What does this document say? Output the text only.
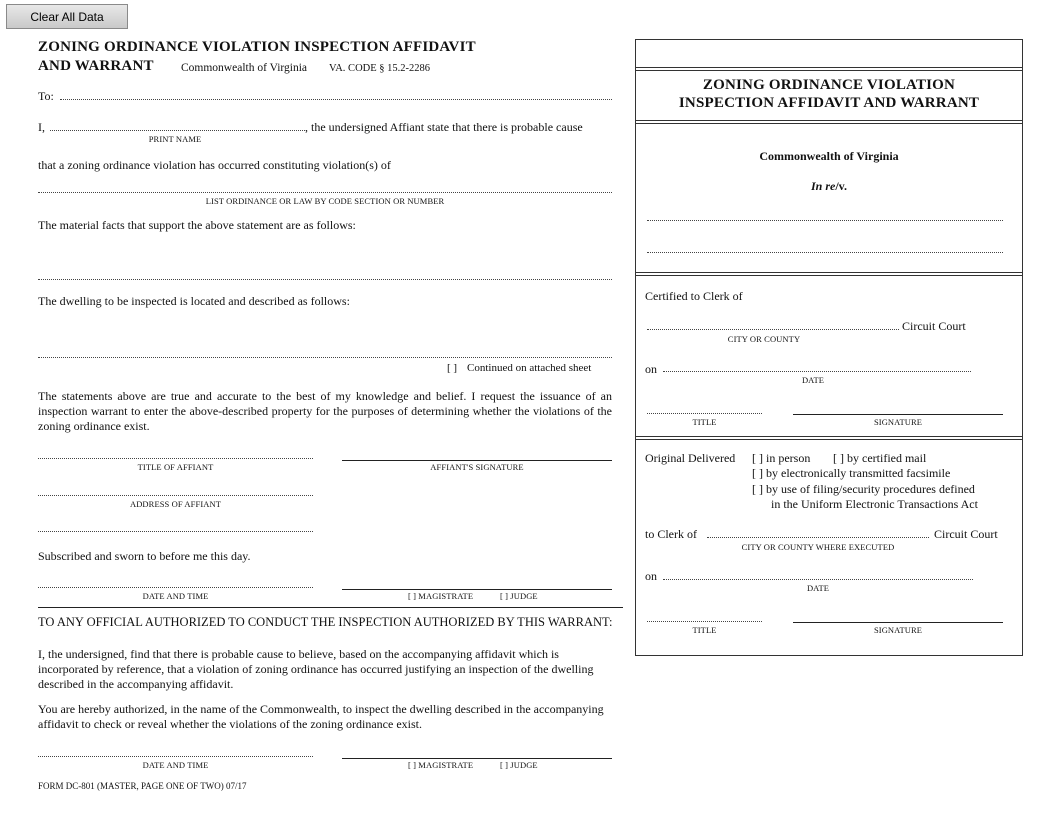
Clear All Data
ZONING ORDINANCE VIOLATION INSPECTION AFFIDAVIT
AND WARRANT Commonwealth of Virginia VA. CODE § 15.2-2286
To:
I,	, the undersigned Affiant state that there is probable cause
PRINT NAME
that a zoning ordinance violation has occurred constituting violation(s) of
LIST ORDINANCE OR LAW BY CODE SECTION OR NUMBER
The material facts that support the above statement are as follows:
The dwelling to be inspected is located and described as follows:
[ ] Continued on attached sheet
The statements above are true and accurate to the best of my knowledge and belief. I request the issuance of an inspection warrant to enter the above-described property for the purposes of determining whether the violations of the zoning ordinance exist.
TITLE OF AFFIANT	AFFIANT'S SIGNATURE
ADDRESS OF AFFIANT
Subscribed and sworn to before me this day.
DATE AND TIME	[ ] MAGISTRATE	[ ] JUDGE
TO ANY OFFICIAL AUTHORIZED TO CONDUCT THE INSPECTION AUTHORIZED BY THIS WARRANT:
I, the undersigned, find that there is probable cause to believe, based on the accompanying affidavit which is incorporated by reference, that a violation of zoning ordinance has occurred justifying an inspection of the dwelling described in the accompanying affidavit.
You are hereby authorized, in the name of the Commonwealth, to inspect the dwelling described in the accompanying affidavit to check or reveal whether the violations of the zoning ordinance exist.
DATE AND TIME	[ ] MAGISTRATE	[ ] JUDGE
FORM DC-801 (MASTER, PAGE ONE OF TWO) 07/17
ZONING ORDINANCE VIOLATION
INSPECTION AFFIDAVIT AND WARRANT
Commonwealth of Virginia
In re/v.
Certified to Clerk of
Circuit Court
CITY OR COUNTY
on
DATE
TITLE	SIGNATURE
Original Delivered [ ] in person [ ] by certified mail
[ ] by electronically transmitted facsimile
[ ] by use of filing/security procedures defined
in the Uniform Electronic Transactions Act
to Clerk of	Circuit Court
CITY OR COUNTY WHERE EXECUTED
on
DATE
TITLE	SIGNATURE
